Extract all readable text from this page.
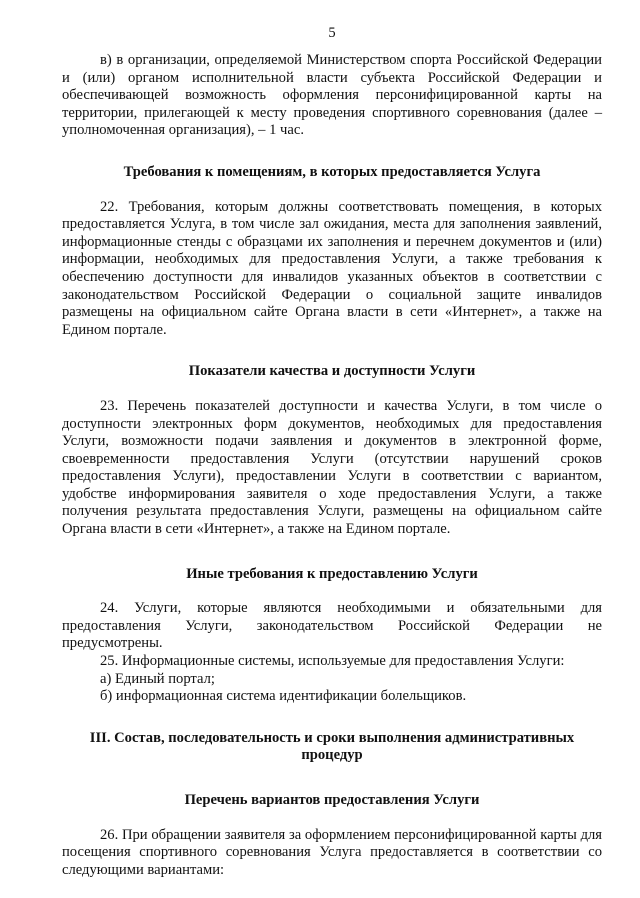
5

в) в организации, определяемой Министерством спорта Российской Федерации и (или) органом исполнительной власти субъекта Российской Федерации и обеспечивающей возможность оформления персонифицированной карты на территории, прилегающей к месту проведения спортивного соревнования (далее – уполномоченная организация), – 1 час.

Требования к помещениям, в которых предоставляется Услуга

22. Требования, которым должны соответствовать помещения, в которых предоставляется Услуга, в том числе зал ожидания, места для заполнения заявлений, информационные стенды с образцами их заполнения и перечнем документов и (или) информации, необходимых для предоставления Услуги, а также требования к обеспечению доступности для инвалидов указанных объектов в соответствии с законодательством Российской Федерации о социальной защите инвалидов размещены на официальном сайте Органа власти в сети «Интернет», а также на Едином портале.

Показатели качества и доступности Услуги

23. Перечень показателей доступности и качества Услуги, в том числе о доступности электронных форм документов, необходимых для предоставления Услуги, возможности подачи заявления и документов в электронной форме, своевременности предоставления Услуги (отсутствии нарушений сроков предоставления Услуги), предоставлении Услуги в соответствии с вариантом, удобстве информирования заявителя о ходе предоставления Услуги, а также получения результата предоставления Услуги, размещены на официальном сайте Органа власти в сети «Интернет», а также на Едином портале.

Иные требования к предоставлению Услуги

24. Услуги, которые являются необходимыми и обязательными для предоставления Услуги, законодательством Российской Федерации не предусмотрены.

25. Информационные системы, используемые для предоставления Услуги:

а) Единый портал;

б) информационная система идентификации болельщиков.

III. Состав, последовательность и сроки выполнения административных процедур
Перечень вариантов предоставления Услуги

26. При обращении заявителя за оформлением персонифицированной карты для посещения спортивного соревнования Услуга предоставляется в соответствии со следующими вариантами:
